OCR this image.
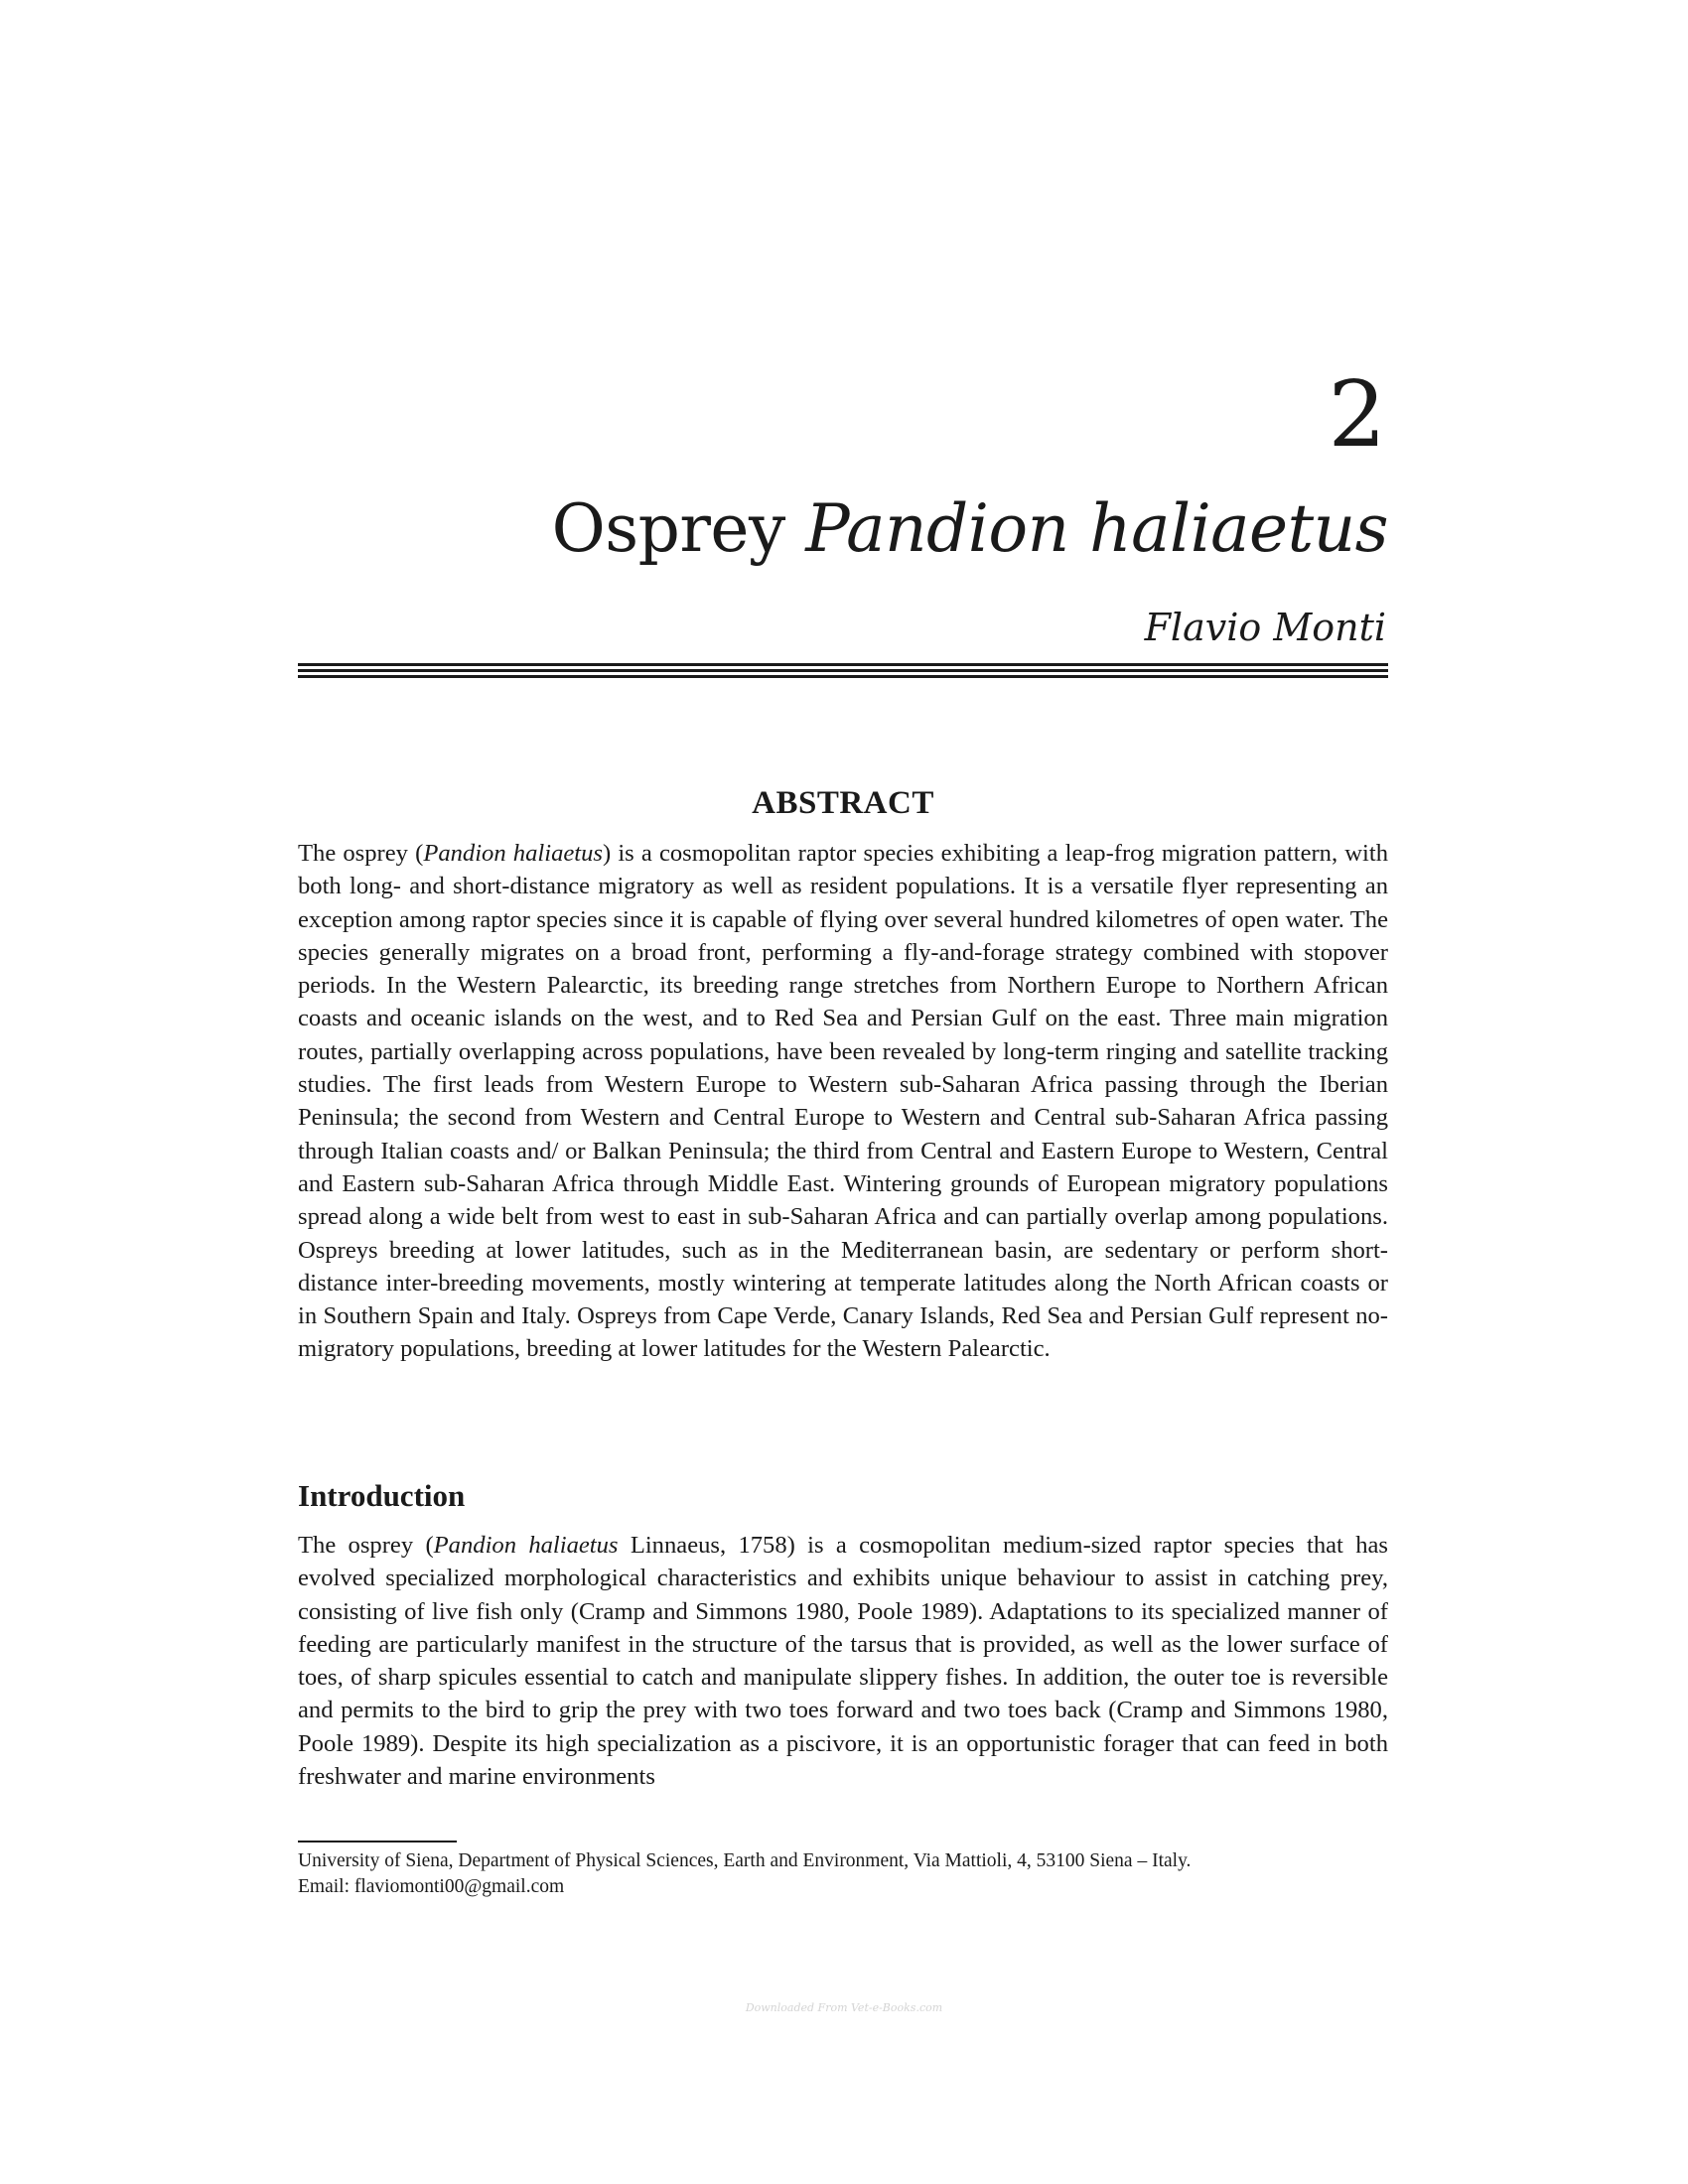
2
Osprey Pandion haliaetus
Flavio Monti
ABSTRACT

The osprey (Pandion haliaetus) is a cosmopolitan raptor species exhibiting a leap-frog migration pattern, with both long- and short-distance migratory as well as resident populations. It is a versatile flyer representing an exception among raptor species since it is capable of flying over several hundred kilometres of open water. The species generally migrates on a broad front, performing a fly-and-forage strategy combined with stopover periods. In the Western Palearctic, its breeding range stretches from Northern Europe to Northern African coasts and oceanic islands on the west, and to Red Sea and Persian Gulf on the east. Three main migration routes, partially overlapping across populations, have been revealed by long-term ringing and satellite tracking studies. The first leads from Western Europe to Western sub-Saharan Africa passing through the Iberian Peninsula; the second from Western and Central Europe to Western and Central sub-Saharan Africa passing through Italian coasts and/ or Balkan Peninsula; the third from Central and Eastern Europe to Western, Central and Eastern sub-Saharan Africa through Middle East. Wintering grounds of European migratory populations spread along a wide belt from west to east in sub-Saharan Africa and can partially overlap among populations. Ospreys breeding at lower latitudes, such as in the Mediterranean basin, are sedentary or perform short-distance inter-breeding movements, mostly wintering at temperate latitudes along the North African coasts or in Southern Spain and Italy. Ospreys from Cape Verde, Canary Islands, Red Sea and Persian Gulf represent no-migratory populations, breeding at lower latitudes for the Western Palearctic.

Introduction

The osprey (Pandion haliaetus Linnaeus, 1758) is a cosmopolitan medium-sized raptor species that has evolved specialized morphological characteristics and exhibits unique behaviour to assist in catching prey, consisting of live fish only (Cramp and Simmons 1980, Poole 1989). Adaptations to its specialized manner of feeding are particularly manifest in the structure of the tarsus that is provided, as well as the lower surface of toes, of sharp spicules essential to catch and manipulate slippery fishes. In addition, the outer toe is reversible and permits to the bird to grip the prey with two toes forward and two toes back (Cramp and Simmons 1980, Poole 1989). Despite its high specialization as a piscivore, it is an opportunistic forager that can feed in both freshwater and marine environments

University of Siena, Department of Physical Sciences, Earth and Environment, Via Mattioli, 4, 53100 Siena – Italy.
Email: flaviomonti00@gmail.com
Downloaded From Vet-e-Books.com
